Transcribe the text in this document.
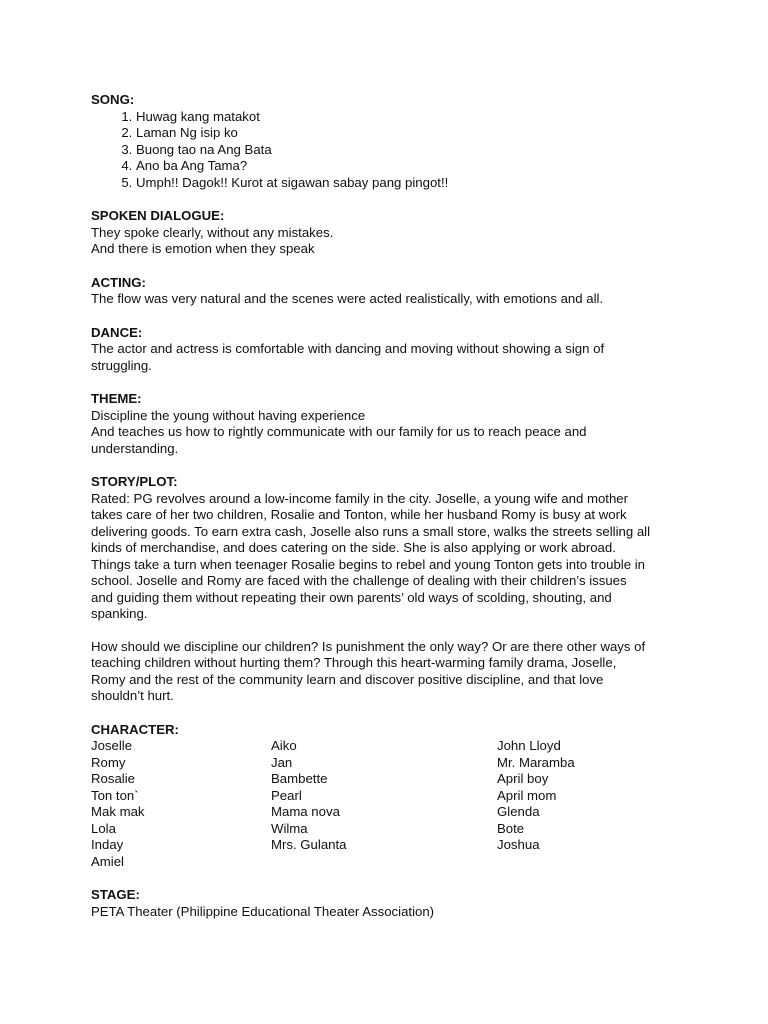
SONG:
1. Huwag kang matakot
2. Laman Ng isip ko
3. Buong tao na Ang Bata
4. Ano ba Ang Tama?
5. Umph!! Dagok!! Kurot at sigawan sabay pang pingot!!
SPOKEN DIALOGUE:
They spoke clearly, without any mistakes.
And there is emotion when they speak
ACTING:
The flow was very natural and the scenes were acted realistically, with emotions and all.
DANCE:
The actor and actress is comfortable with dancing and moving without showing a sign of struggling.
THEME:
Discipline the young without having experience
And teaches us how to rightly communicate with our family for us to reach peace and understanding.
STORY/PLOT:
Rated: PG revolves around a low-income family in the city. Joselle, a young wife and mother takes care of her two children, Rosalie and Tonton, while her husband Romy is busy at work delivering goods. To earn extra cash, Joselle also runs a small store, walks the streets selling all kinds of merchandise, and does catering on the side. She is also applying or work abroad. Things take a turn when teenager Rosalie begins to rebel and young Tonton gets into trouble in school. Joselle and Romy are faced with the challenge of dealing with their children’s issues and guiding them without repeating their own parents’ old ways of scolding, shouting, and spanking.
How should we discipline our children? Is punishment the only way? Or are there other ways of teaching children without hurting them? Through this heart-warming family drama, Joselle, Romy and the rest of the community learn and discover positive discipline, and that love shouldn’t hurt.
CHARACTER:
Joselle
Romy
Rosalie
Ton ton`
Mak mak
Lola
Inday
Amiel
Aiko
Jan
Bambette
Pearl
Mama nova
Wilma
Mrs. Gulanta
John Lloyd
Mr. Maramba
April boy
April mom
Glenda
Bote
Joshua
STAGE:
PETA Theater (Philippine Educational Theater Association)
